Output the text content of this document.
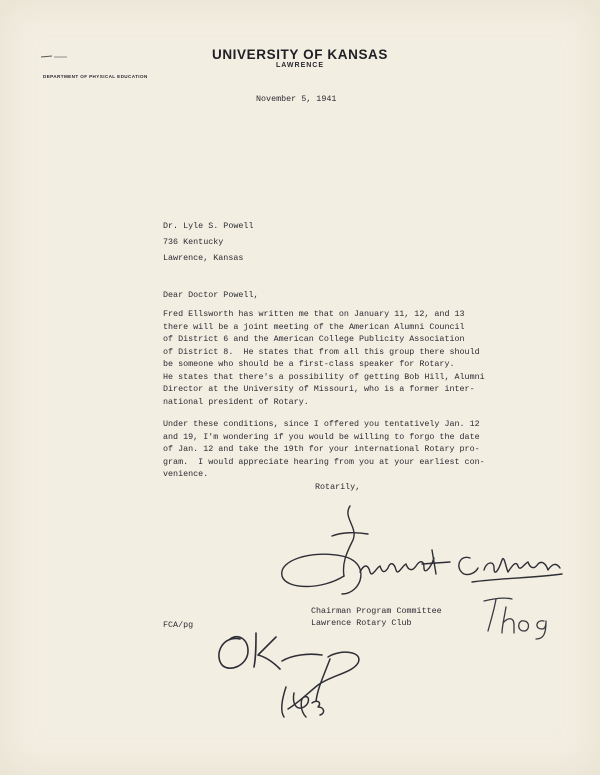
UNIVERSITY OF KANSAS
LAWRENCE
DEPARTMENT OF PHYSICAL EDUCATION
November 5, 1941
Dr. Lyle S. Powell
736 Kentucky
Lawrence, Kansas
Dear Doctor Powell,
Fred Ellsworth has written me that on January 11, 12, and 13
there will be a joint meeting of the American Alumni Council
of District 6 and the American College Publicity Association
of District 8.  He states that from all this group there should
be someone who should be a first-class speaker for Rotary.
He states that there's a possibility of getting Bob Hill, Alumni
Director at the University of Missouri, who is a former inter-
national president of Rotary.
Under these conditions, since I offered you tentatively Jan. 12
and 19, I'm wondering if you would be willing to forgo the date
of Jan. 12 and take the 19th for your international Rotary pro-
gram.  I would appreciate hearing from you at your earliest con-
venience.
Rotarily,
Chairman Program Committee
Lawrence Rotary Club
FCA/pg
